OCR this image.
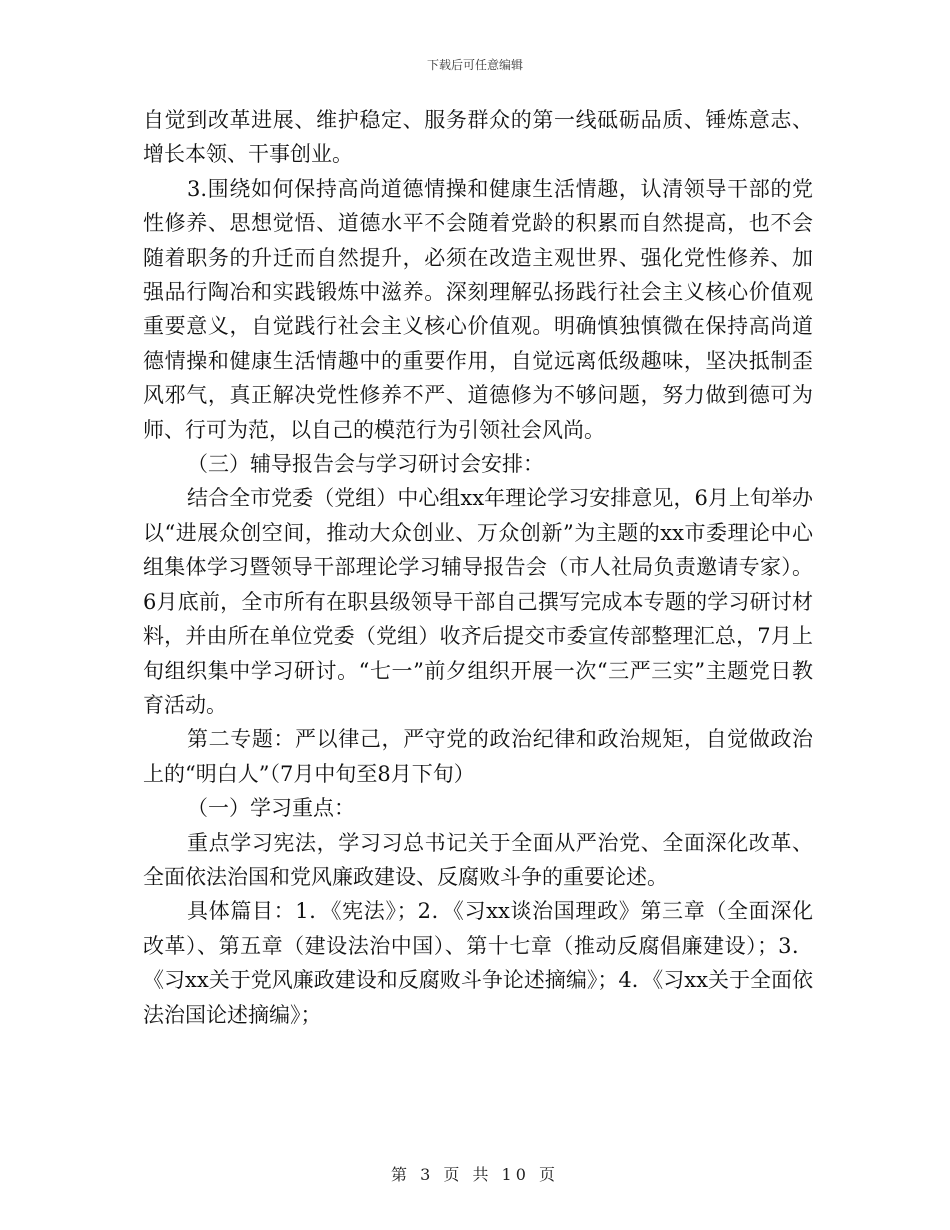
下载后可任意编辑

自觉到改革进展、维护稳定、服务群众的第一线砥砺品质、锤炼意志、增长本领、干事创业。

3.围绕如何保持高尚道德情操和健康生活情趣，认清领导干部的党性修养、思想觉悟、道德水平不会随着党龄的积累而自然提高，也不会随着职务的升迁而自然提升，必须在改造主观世界、强化党性修养、加强品行陶冶和实践锻炼中滋养。深刻理解弘扬践行社会主义核心价值观重要意义，自觉践行社会主义核心价值观。明确慎独慎微在保持高尚道德情操和健康生活情趣中的重要作用，自觉远离低级趣味，坚决抵制歪风邪气，真正解决党性修养不严、道德修为不够问题，努力做到德可为师、行可为范，以自己的模范行为引领社会风尚。

（三）辅导报告会与学习研讨会安排：

结合全市党委（党组）中心组xx年理论学习安排意见，6月上旬举办以“进展众创空间，推动大众创业、万众创新”为主题的xx市委理论中心组集体学习暨领导干部理论学习辅导报告会（市人社局负责邀请专家）。6月底前，全市所有在职县级领导干部自己撰写完成本专题的学习研讨材料，并由所在单位党委（党组）收齐后提交市委宣传部整理汇总，7月上旬组织集中学习研讨。“七一”前夕组织开展一次“三严三实”主题党日教育活动。

第二专题：严以律己，严守党的政治纪律和政治规矩，自觉做政治上的“明白人”（7月中旬至8月下旬）

（一）学习重点：

重点学习宪法，学习习总书记关于全面从严治党、全面深化改革、全面依法治国和党风廉政建设、反腐败斗争的重要论述。

具体篇目：1．《宪法》；2．《习xx谈治国理政》第三章（全面深化改革）、第五章（建设法治中国）、第十七章（推动反腐倡廉建设）；3．《习xx关于党风廉政建设和反腐败斗争论述摘编》；4．《习xx关于全面依法治国论述摘编》；

第 3 页 共 10 页
